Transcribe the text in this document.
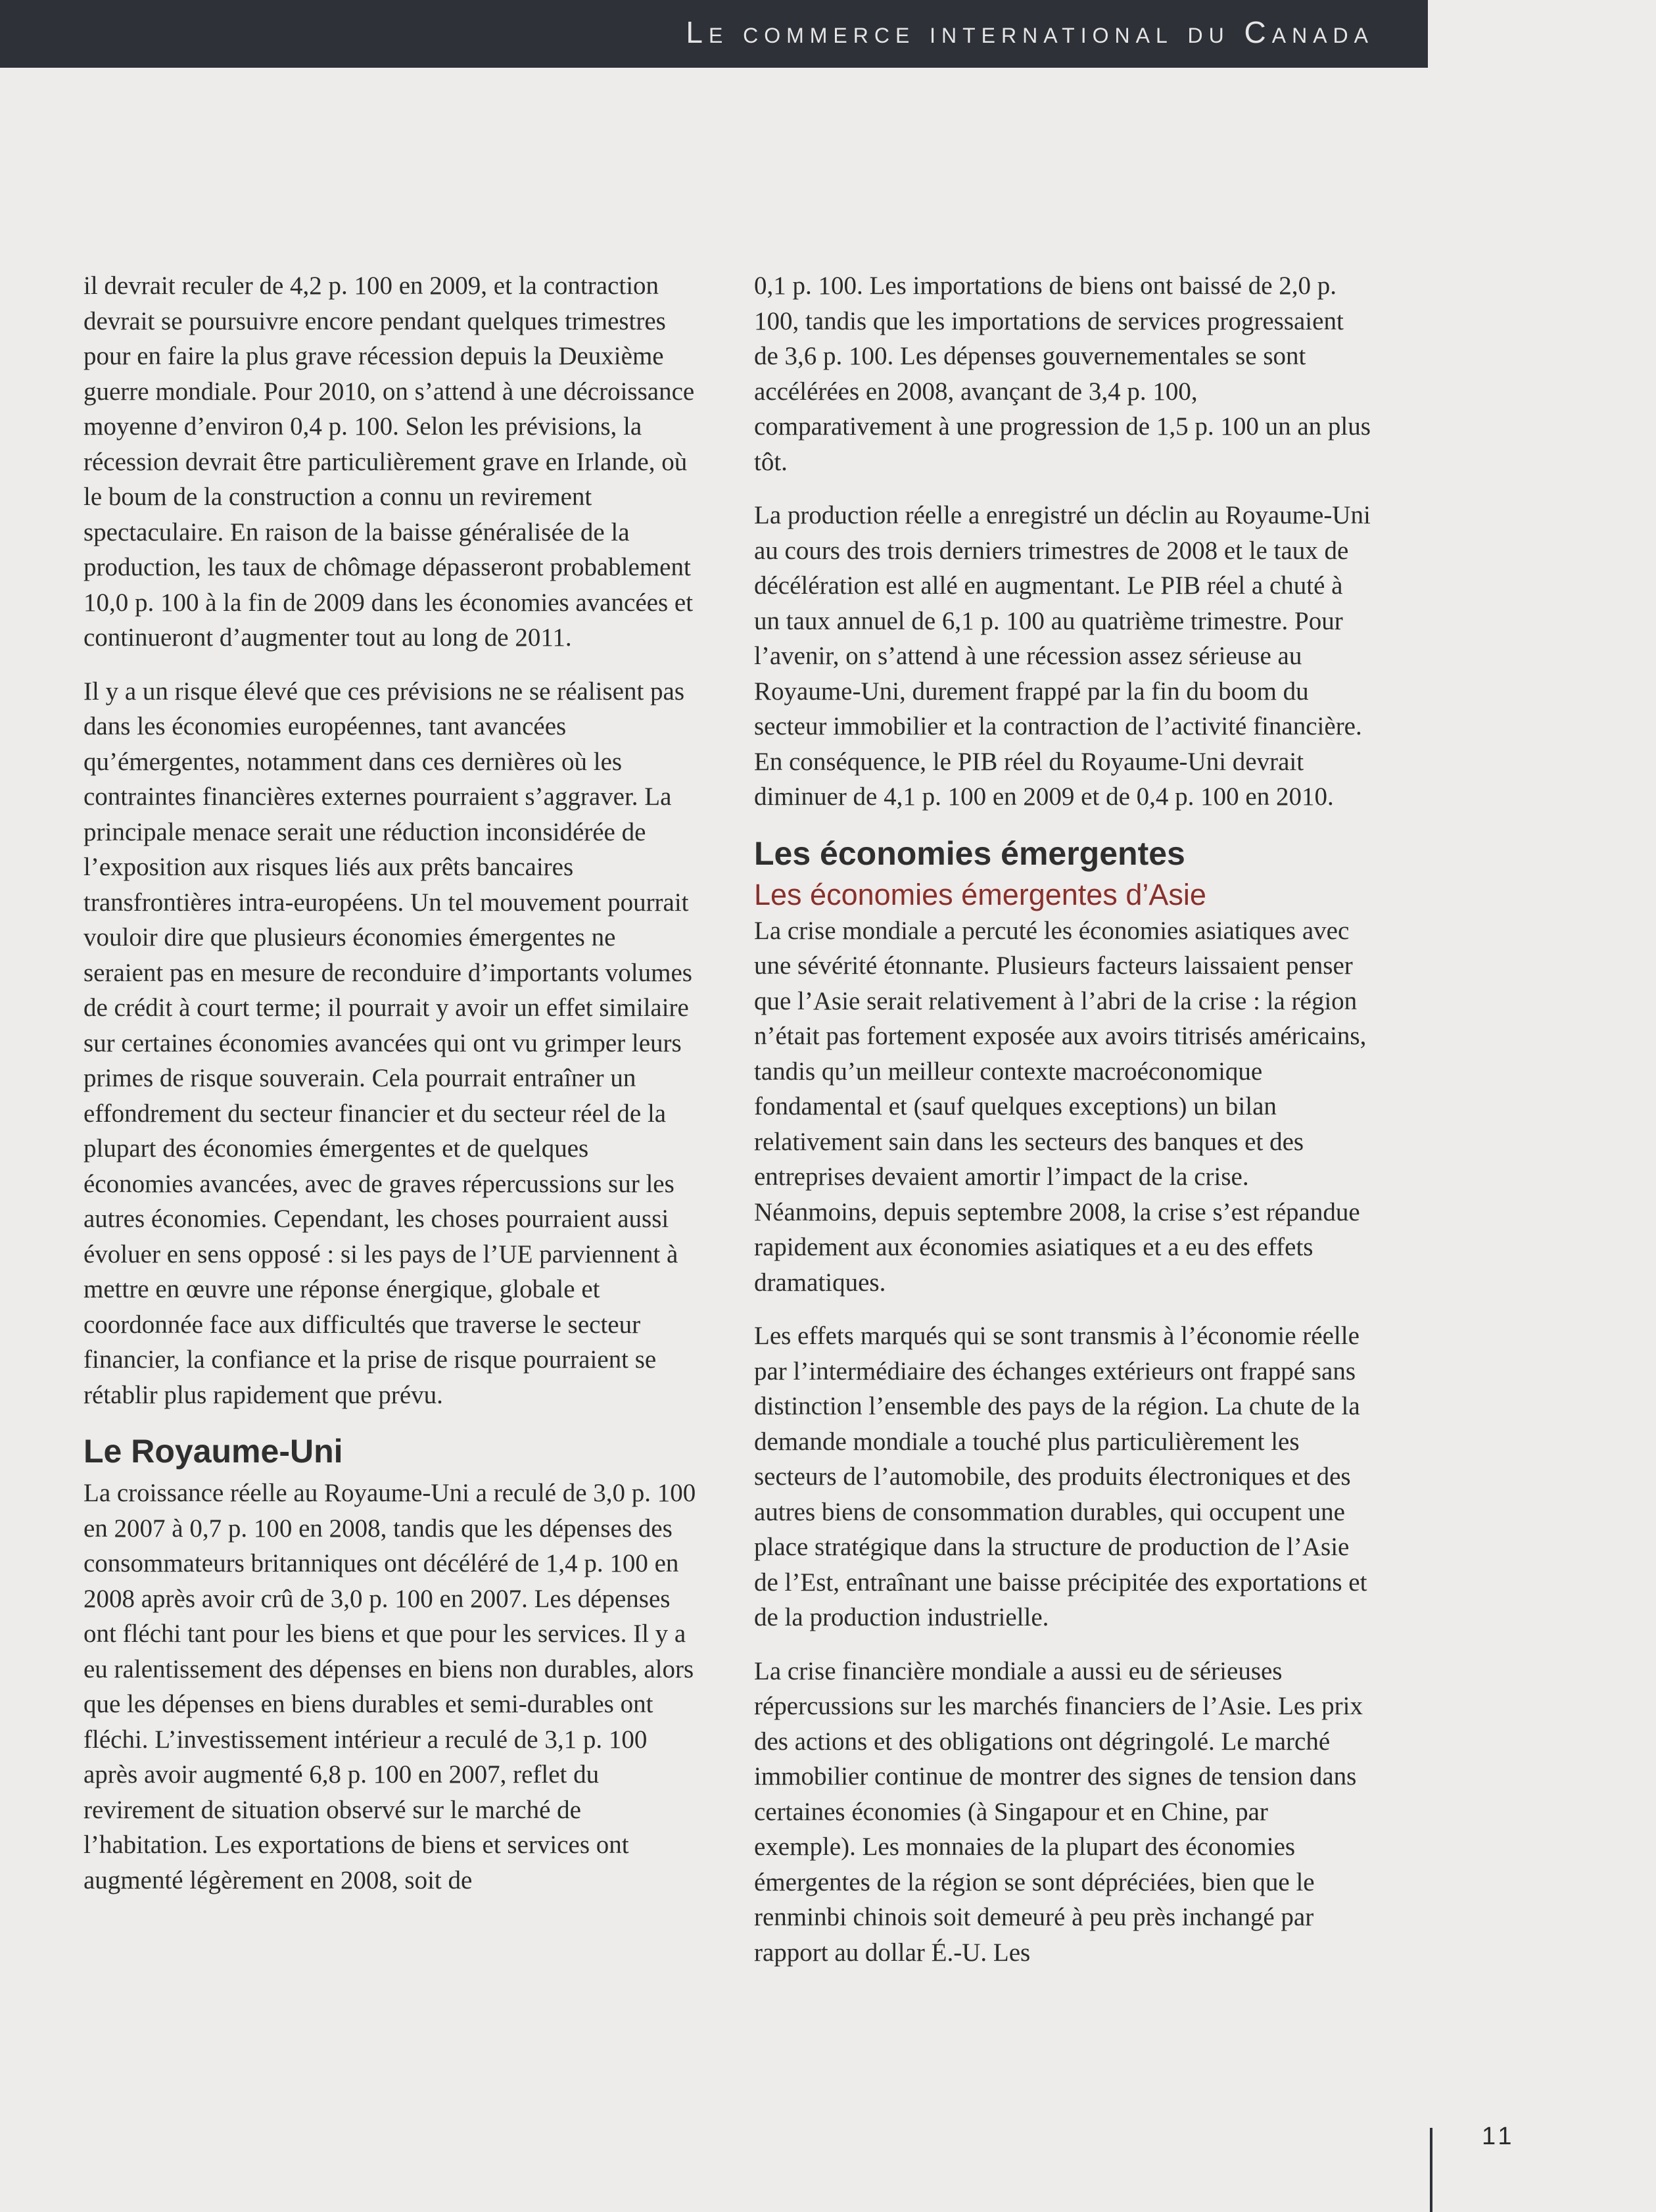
Le commerce international du Canada

il devrait reculer de 4,2 p. 100 en 2009, et la contraction devrait se poursuivre encore pendant quelques trimestres pour en faire la plus grave récession depuis la Deuxième guerre mondiale. Pour 2010, on s’attend à une décroissance moyenne d’environ 0,4 p. 100. Selon les prévisions, la récession devrait être particulièrement grave en Irlande, où le boum de la construction a connu un revirement spectaculaire. En raison de la baisse généralisée de la production, les taux de chômage dépasseront probablement 10,0 p. 100 à la fin de 2009 dans les économies avancées et continueront d’augmenter tout au long de 2011.

Il y a un risque élevé que ces prévisions ne se réalisent pas dans les économies européennes, tant avancées qu’émergentes, notamment dans ces dernières où les contraintes financières externes pourraient s’aggraver. La principale menace serait une réduction inconsidérée de l’exposition aux risques liés aux prêts bancaires transfrontières intra-européens. Un tel mouvement pourrait vouloir dire que plusieurs économies émergentes ne seraient pas en mesure de reconduire d’importants volumes de crédit à court terme; il pourrait y avoir un effet similaire sur certaines économies avancées qui ont vu grimper leurs primes de risque souverain. Cela pourrait entraîner un effondrement du secteur financier et du secteur réel de la plupart des économies émergentes et de quelques économies avancées, avec de graves répercussions sur les autres économies. Cependant, les choses pourraient aussi évoluer en sens opposé : si les pays de l’UE parviennent à mettre en œuvre une réponse énergique, globale et coordonnée face aux difficultés que traverse le secteur financier, la confiance et la prise de risque pourraient se rétablir plus rapidement que prévu.

Le Royaume-Uni

La croissance réelle au Royaume-Uni a reculé de 3,0 p. 100 en 2007 à 0,7 p. 100 en 2008, tandis que les dépenses des consommateurs britanniques ont décéléré de 1,4 p. 100 en 2008 après avoir crû de 3,0 p. 100 en 2007. Les dépenses ont fléchi tant pour les biens et que pour les services. Il y a eu ralentissement des dépenses en biens non durables, alors que les dépenses en biens durables et semi-durables ont fléchi. L’investissement intérieur a reculé de 3,1 p. 100 après avoir augmenté 6,8 p. 100 en 2007, reflet du revirement de situation observé sur le marché de l’habitation. Les exportations de biens et services ont augmenté légèrement en 2008, soit de

0,1 p. 100. Les importations de biens ont baissé de 2,0 p. 100, tandis que les importations de services progressaient de 3,6 p. 100. Les dépenses gouvernementales se sont accélérées en 2008, avançant de 3,4 p. 100, comparativement à une progression de 1,5 p. 100 un an plus tôt.

La production réelle a enregistré un déclin au Royaume-Uni au cours des trois derniers trimestres de 2008 et le taux de décélération est allé en augmentant. Le PIB réel a chuté à un taux annuel de 6,1 p. 100 au quatrième trimestre. Pour l’avenir, on s’attend à une récession assez sérieuse au Royaume-Uni, durement frappé par la fin du boom du secteur immobilier et la contraction de l’activité financière. En conséquence, le PIB réel du Royaume-Uni devrait diminuer de 4,1 p. 100 en 2009 et de 0,4 p. 100 en 2010.

Les économies émergentes
Les économies émergentes d’Asie

La crise mondiale a percuté les économies asiatiques avec une sévérité étonnante. Plusieurs facteurs laissaient penser que l’Asie serait relativement à l’abri de la crise : la région n’était pas fortement exposée aux avoirs titrisés américains, tandis qu’un meilleur contexte macroéconomique fondamental et (sauf quelques exceptions) un bilan relativement sain dans les secteurs des banques et des entreprises devaient amortir l’impact de la crise. Néanmoins, depuis septembre 2008, la crise s’est répandue rapidement aux économies asiatiques et a eu des effets dramatiques.

Les effets marqués qui se sont transmis à l’économie réelle par l’intermédiaire des échanges extérieurs ont frappé sans distinction l’ensemble des pays de la région. La chute de la demande mondiale a touché plus particulièrement les secteurs de l’automobile, des produits électroniques et des autres biens de consommation durables, qui occupent une place stratégique dans la structure de production de l’Asie de l’Est, entraînant une baisse précipitée des exportations et de la production industrielle.

La crise financière mondiale a aussi eu de sérieuses répercussions sur les marchés financiers de l’Asie. Les prix des actions et des obligations ont dégringolé. Le marché immobilier continue de montrer des signes de tension dans certaines économies (à Singapour et en Chine, par exemple). Les monnaies de la plupart des économies émergentes de la région se sont dépréciées, bien que le renminbi chinois soit demeuré à peu près inchangé par rapport au dollar É.-U. Les

11
